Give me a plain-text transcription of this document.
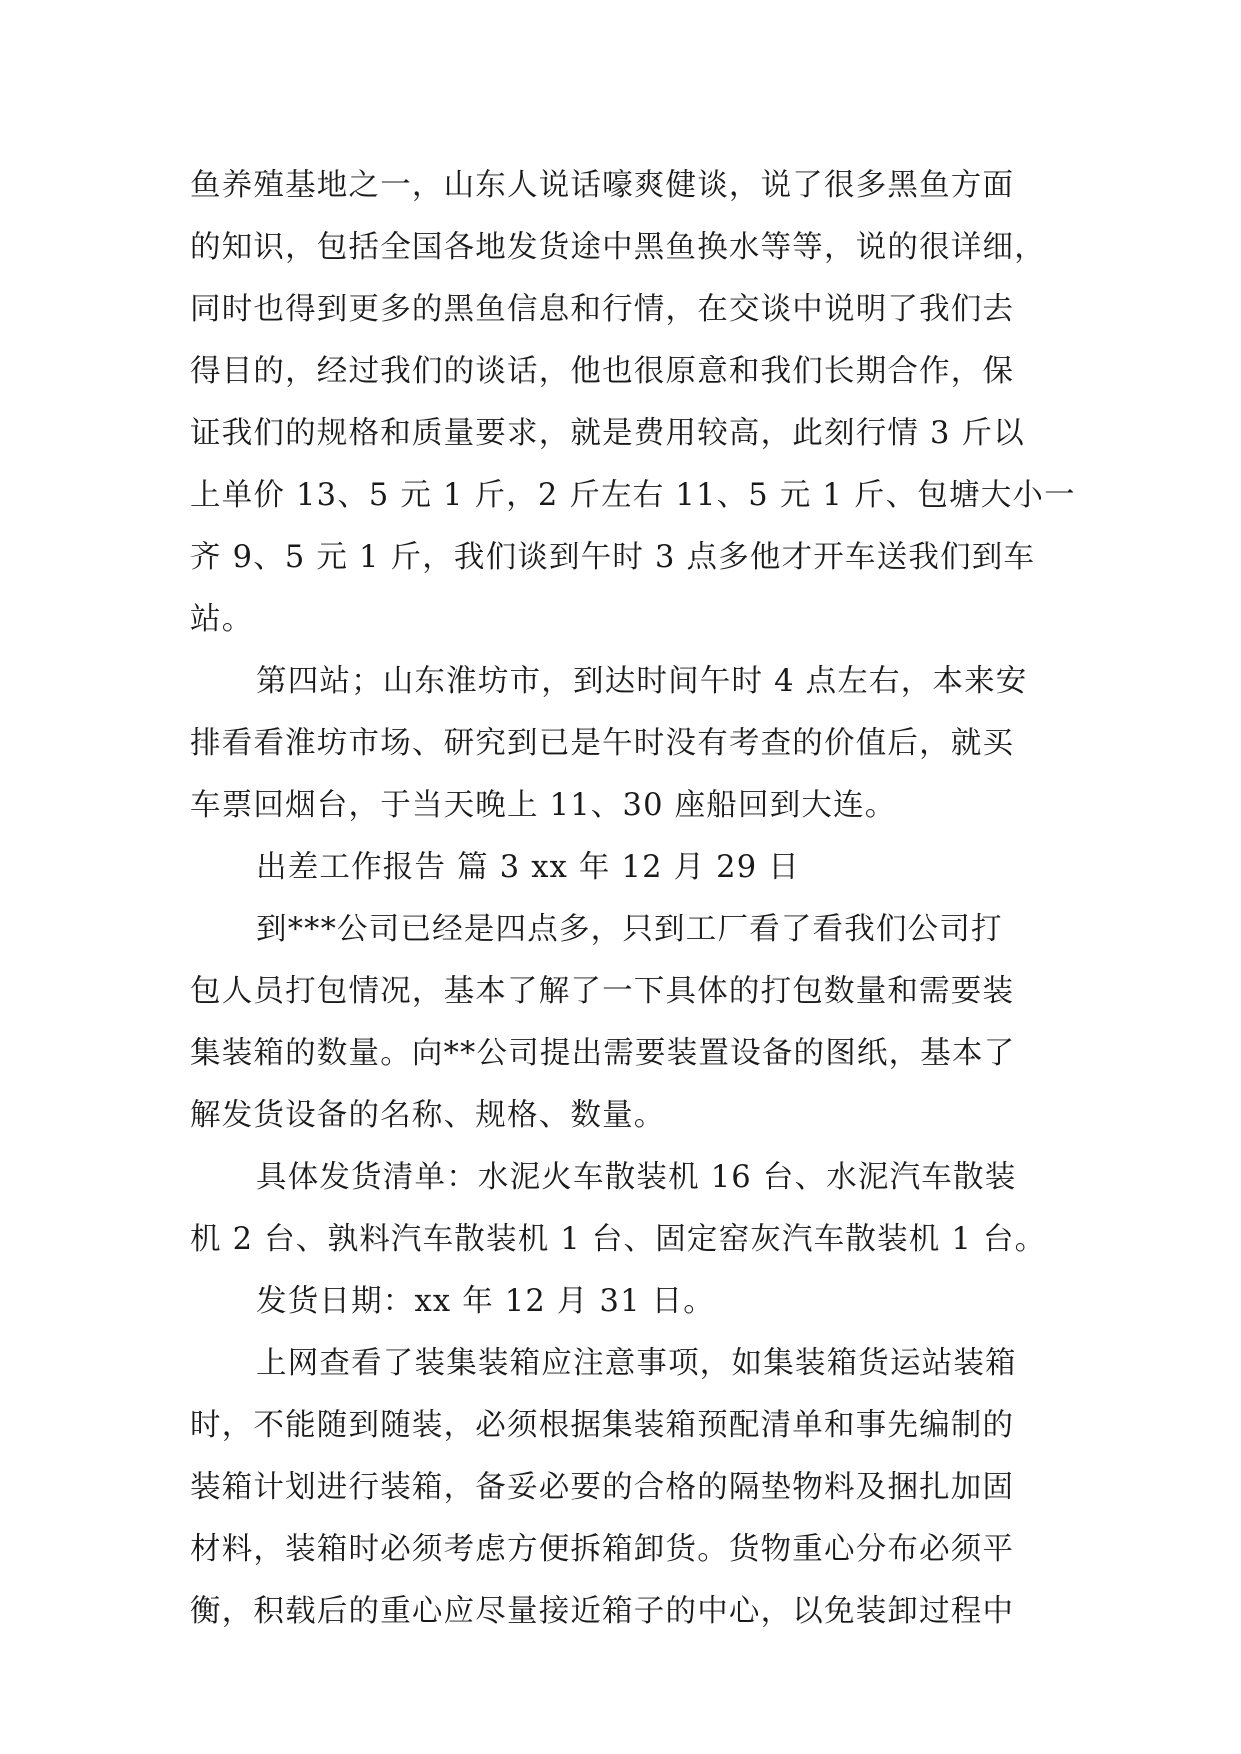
鱼养殖基地之一，山东人说话嚎爽健谈，说了很多黑鱼方面
的知识，包括全国各地发货途中黑鱼换水等等，说的很详细，
同时也得到更多的黑鱼信息和行情，在交谈中说明了我们去
得目的，经过我们的谈话，他也很原意和我们长期合作，保
证我们的规格和质量要求，就是费用较高，此刻行情 3 斤以
上单价 13、5 元 1 斤，2 斤左右 11、5 元 1 斤、包塘大小一
齐 9、5 元 1 斤，我们谈到午时 3 点多他才开车送我们到车
站。
第四站；山东淮坊市，到达时间午时 4 点左右，本来安
排看看淮坊市场、研究到已是午时没有考查的价值后，就买
车票回烟台，于当天晚上 11、30 座船回到大连。
出差工作报告 篇 3 xx 年 12 月 29 日
到***公司已经是四点多，只到工厂看了看我们公司打
包人员打包情况，基本了解了一下具体的打包数量和需要装
集装箱的数量。向**公司提出需要装置设备的图纸，基本了
解发货设备的名称、规格、数量。
具体发货清单：水泥火车散装机 16 台、水泥汽车散装
机 2 台、孰料汽车散装机 1 台、固定窑灰汽车散装机 1 台。
发货日期：xx 年 12 月 31 日。
上网查看了装集装箱应注意事项，如集装箱货运站装箱
时，不能随到随装，必须根据集装箱预配清单和事先编制的
装箱计划进行装箱，备妥必要的合格的隔垫物料及捆扎加固
材料，装箱时必须考虑方便拆箱卸货。货物重心分布必须平
衡，积载后的重心应尽量接近箱子的中心，以免装卸过程中
